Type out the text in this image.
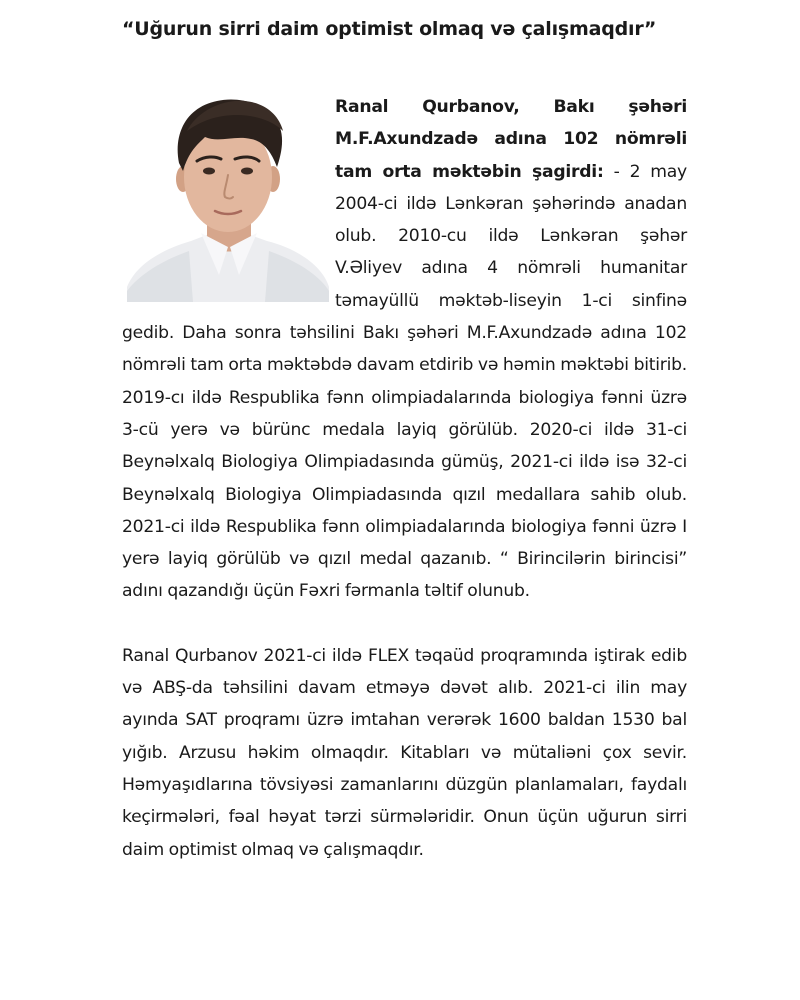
“Uğurun sirri daim optimist olmaq və çalışmaqdır”

Ranal Qurbanov, Bakı şəhəri M.F.Axundzadə adına 102 nömrəli tam orta məktəbin şagirdi: - 2 may 2004-ci ildə Lənkəran şəhərində anadan olub. 2010-cu ildə Lənkəran şəhər V.Əliyev adına 4 nömrəli humanitar təmayüllü məktəb-liseyin 1-ci sinfinə gedib. Daha sonra təhsilini Bakı şəhəri M.F.Axundzadə adına 102 nömrəli tam orta məktəbdə davam etdirib və həmin məktəbi bitirib. 2019-cı ildə Respublika fənn olimpiadalarında biologiya fənni üzrə 3-cü yerə və bürünc medala layiq görülüb. 2020-ci ildə 31-ci Beynəlxalq Biologiya Olimpiadasında gümüş, 2021-ci ildə isə 32-ci Beynəlxalq Biologiya Olimpiadasında qızıl medallara sahib olub. 2021-ci ildə Respublika fənn olimpiadalarında biologiya fənni üzrə I yerə layiq görülüb və qızıl medal qazanıb. “ Birincilərin birincisi” adını qazandığı üçün Fəxri fərmanla təltif olunub.

Ranal Qurbanov 2021-ci ildə FLEX təqaüd proqramında iştirak edib və ABŞ-da təhsilini davam etməyə dəvət alıb. 2021-ci ilin may ayında SAT proqramı üzrə imtahan verərək 1600 baldan 1530 bal yığıb. Arzusu həkim olmaqdır. Kitabları və mütaliəni çox sevir. Həmyaşıdlarına tövsiyəsi zamanlarını düzgün planlamaları, faydalı keçirmələri, fəal həyat tərzi sürmələridir. Onun üçün uğurun sirri daim optimist olmaq və çalışmaqdır.
